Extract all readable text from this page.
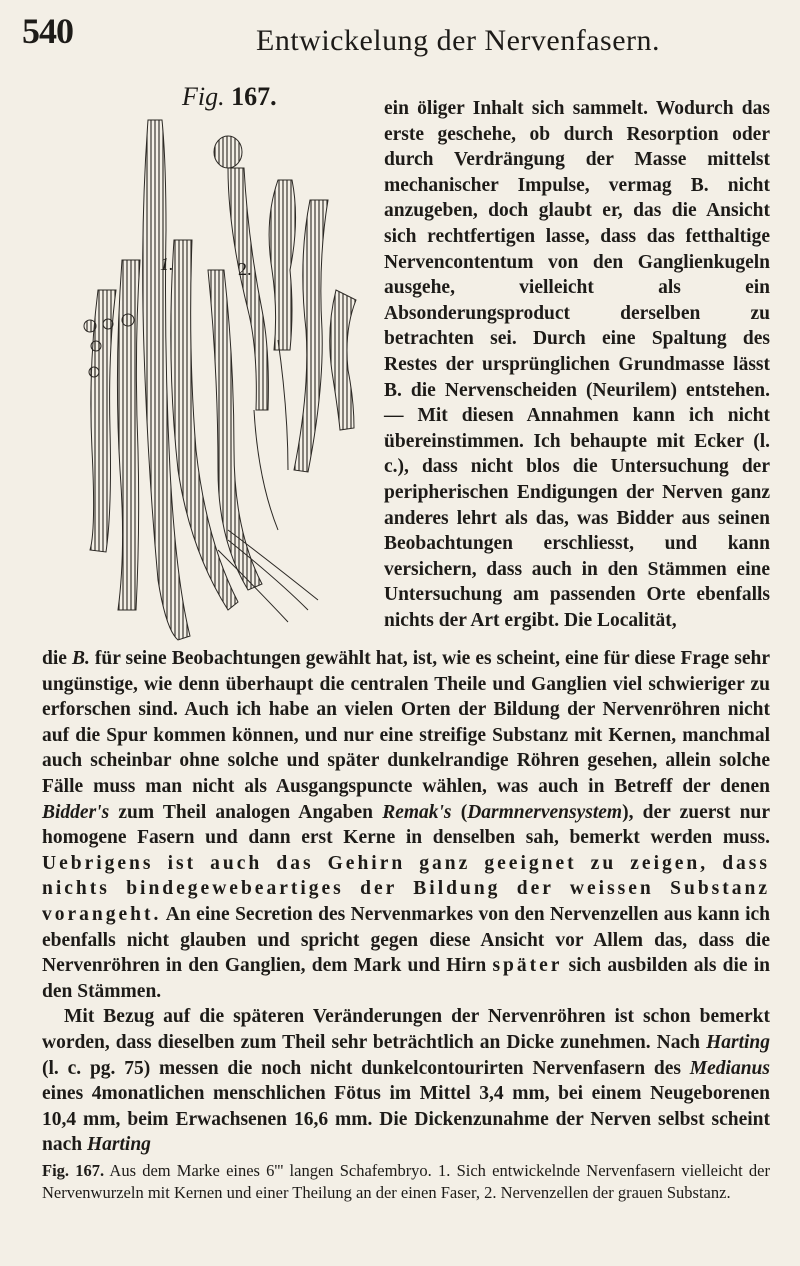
540	Entwickelung der Nervenfasern.
Fig. 167.
1.	2.
ein öliger Inhalt sich sammelt. Wodurch das erste geschehe, ob durch Resorption oder durch Verdrängung der Masse mittelst mechanischer Impulse, vermag B. nicht anzugeben, doch glaubt er, das die Ansicht sich rechtfertigen lasse, dass das fetthaltige Nervencontentum von den Ganglienkugeln ausgehe, vielleicht als ein Absonderungsproduct derselben zu betrachten sei. Durch eine Spaltung des Restes der ursprünglichen Grundmasse lässt B. die Nervenscheiden (Neurilem) entstehen. — Mit diesen Annahmen kann ich nicht übereinstimmen. Ich behaupte mit Ecker (l. c.), dass nicht blos die Untersuchung der peripherischen Endigungen der Nerven ganz anderes lehrt als das, was Bidder aus seinen Beobachtungen erschliesst, und kann versichern, dass auch in den Stämmen eine Untersuchung am passenden Orte ebenfalls nichts der Art ergibt. Die Localität,

die B. für seine Beobachtungen gewählt hat, ist, wie es scheint, eine für diese Frage sehr ungünstige, wie denn überhaupt die centralen Theile und Ganglien viel schwieriger zu erforschen sind. Auch ich habe an vielen Orten der Bildung der Nervenröhren nicht auf die Spur kommen können, und nur eine streifige Substanz mit Kernen, manchmal auch scheinbar ohne solche und später dunkelrandige Röhren gesehen, allein solche Fälle muss man nicht als Ausgangspuncte wählen, was auch in Betreff der denen Bidder's zum Theil analogen Angaben Remak's (Darmnervensystem), der zuerst nur homogene Fasern und dann erst Kerne in denselben sah, bemerkt werden muss. Uebrigens ist auch das Gehirn ganz geeignet zu zeigen, dass nichts bindegewebeartiges der Bildung der weissen Substanz vorangeht. An eine Secretion des Nervenmarkes von den Nervenzellen aus kann ich ebenfalls nicht glauben und spricht gegen diese Ansicht vor Allem das, dass die Nervenröhren in den Ganglien, dem Mark und Hirn später sich ausbilden als die in den Stämmen.

Mit Bezug auf die späteren Veränderungen der Nervenröhren ist schon bemerkt worden, dass dieselben zum Theil sehr beträchtlich an Dicke zunehmen. Nach Harting (l. c. pg. 75) messen die noch nicht dunkelcontourirten Nervenfasern des Medianus eines 4monatlichen menschlichen Fötus im Mittel 3,4 mm, bei einem Neugeborenen 10,4 mm, beim Erwachsenen 16,6 mm. Die Dickenzunahme der Nerven selbst scheint nach Harting

Fig. 167. Aus dem Marke eines 6''' langen Schafembryo. 1. Sich entwickelnde Nervenfasern vielleicht der Nervenwurzeln mit Kernen und einer Theilung an der einen Faser, 2. Nervenzellen der grauen Substanz.
